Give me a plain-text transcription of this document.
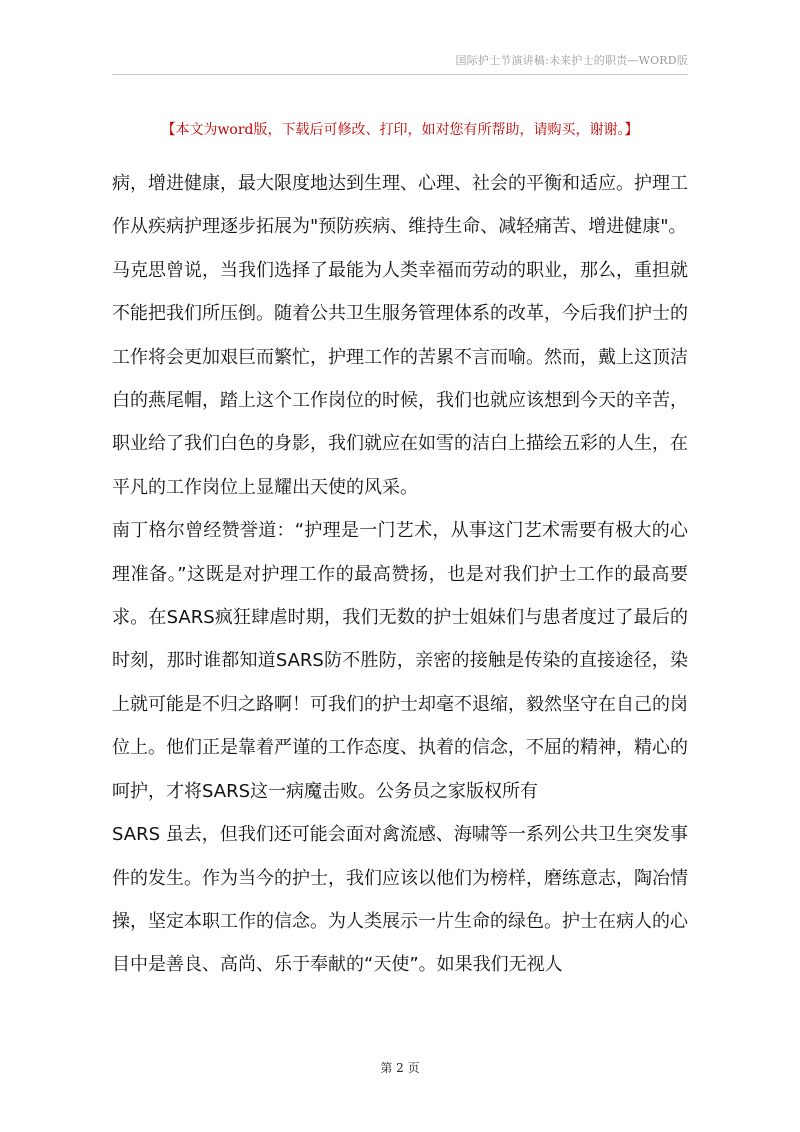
国际护士节演讲稿:未来护士的职责—WORD版
【本文为word版，下载后可修改、打印，如对您有所帮助，请购买，谢谢。】

病，增进健康，最大限度地达到生理、心理、社会的平衡和适应。护理工作从疾病护理逐步拓展为"预防疾病、维持生命、减轻痛苦、增进健康"。

马克思曾说，当我们选择了最能为人类幸福而劳动的职业，那么，重担就不能把我们所压倒。随着公共卫生服务管理体系的改革，今后我们护士的工作将会更加艰巨而繁忙，护理工作的苦累不言而喻。然而，戴上这顶洁白的燕尾帽，踏上这个工作岗位的时候，我们也就应该想到今天的辛苦，职业给了我们白色的身影，我们就应在如雪的洁白上描绘五彩的人生，在平凡的工作岗位上显耀出天使的风采。

南丁格尔曾经赞誉道：“护理是一门艺术，从事这门艺术需要有极大的心理准备。”这既是对护理工作的最高赞扬，也是对我们护士工作的最高要求。在SARS疯狂肆虐时期，我们无数的护士姐妹们与患者度过了最后的时刻，那时谁都知道SARS防不胜防，亲密的接触是传染的直接途径，染上就可能是不归之路啊！可我们的护士却毫不退缩，毅然坚守在自己的岗位上。他们正是靠着严谨的工作态度、执着的信念，不屈的精神，精心的呵护，才将SARS这一病魔击败。公务员之家版权所有

SARS 虽去，但我们还可能会面对禽流感、海啸等一系列公共卫生突发事件的发生。作为当今的护士，我们应该以他们为榜样，磨练意志，陶冶情操，坚定本职工作的信念。为人类展示一片生命的绿色。护士在病人的心目中是善良、高尚、乐于奉献的“天使”。如果我们无视人

第 2 页
